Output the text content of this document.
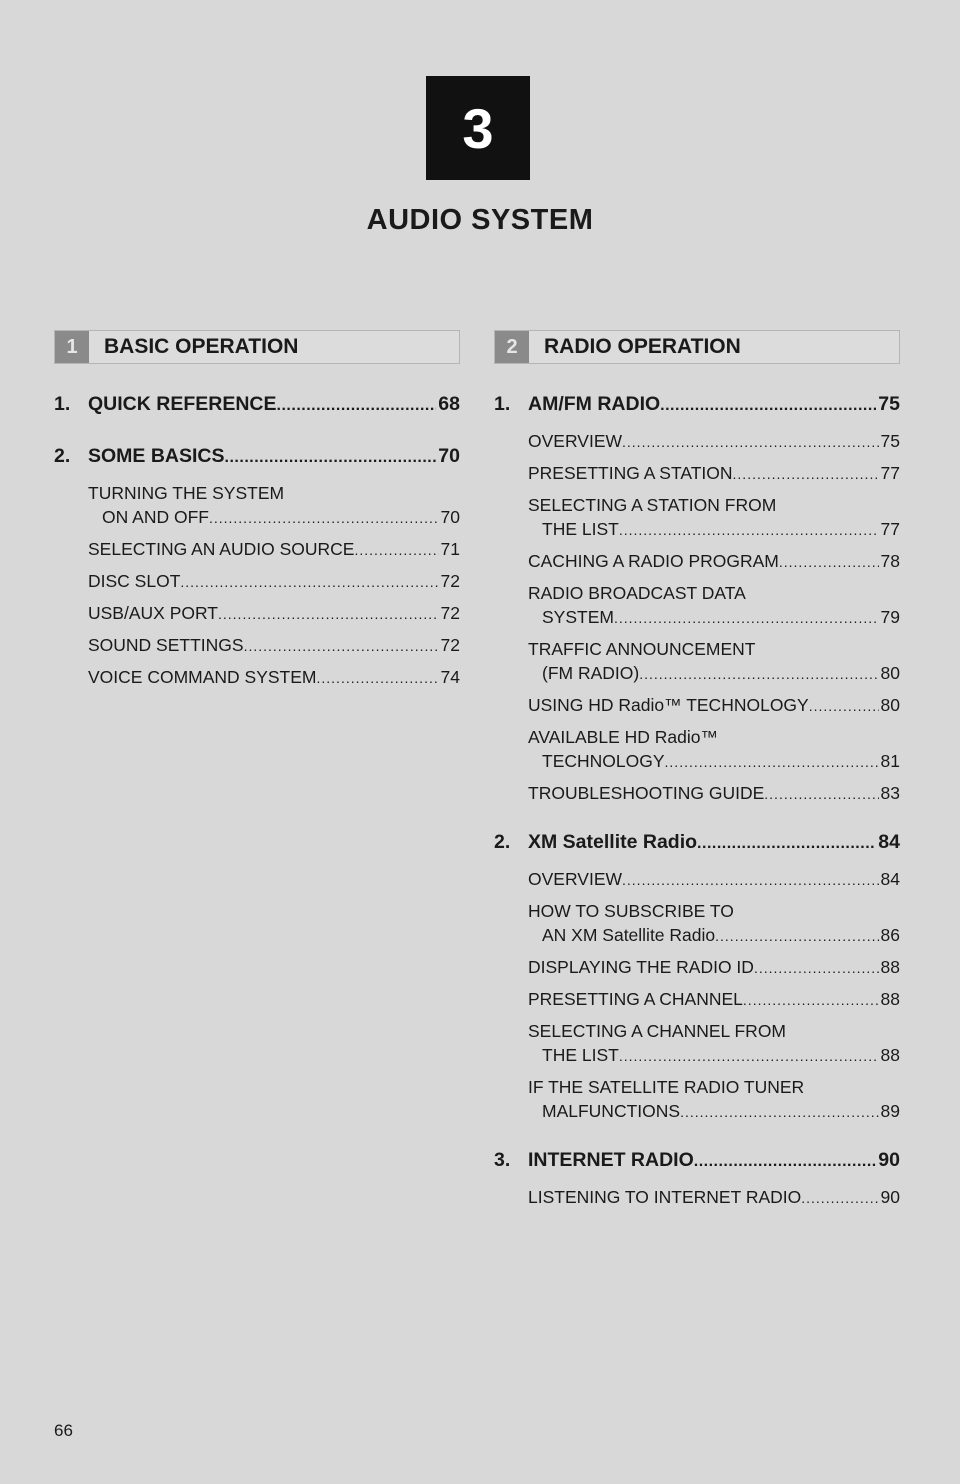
3
AUDIO SYSTEM
1	BASIC OPERATION
1. QUICK REFERENCE .....	68
2. SOME BASICS .....	70
TURNING THE SYSTEM
ON AND OFF .....	70
SELECTING AN AUDIO SOURCE .....	71
DISC SLOT .....	72
USB/AUX PORT .....	72
SOUND SETTINGS .....	72
VOICE COMMAND SYSTEM .....	74
2	RADIO OPERATION
1. AM/FM RADIO .....	75
OVERVIEW .....	75
PRESETTING A STATION .....	77
SELECTING A STATION FROM
THE LIST .....	77
CACHING A RADIO PROGRAM .....	78
RADIO BROADCAST DATA
SYSTEM .....	79
TRAFFIC ANNOUNCEMENT
(FM RADIO) .....	80
USING HD Radio™ TECHNOLOGY .....	80
AVAILABLE HD Radio™
TECHNOLOGY .....	81
TROUBLESHOOTING GUIDE .....	83
2. XM Satellite Radio .....	84
OVERVIEW .....	84
HOW TO SUBSCRIBE TO
AN XM Satellite Radio .....	86
DISPLAYING THE RADIO ID .....	88
PRESETTING A CHANNEL .....	88
SELECTING A CHANNEL FROM
THE LIST .....	88
IF THE SATELLITE RADIO TUNER
MALFUNCTIONS .....	89
3. INTERNET RADIO .....	90
LISTENING TO INTERNET RADIO .....	90
66
